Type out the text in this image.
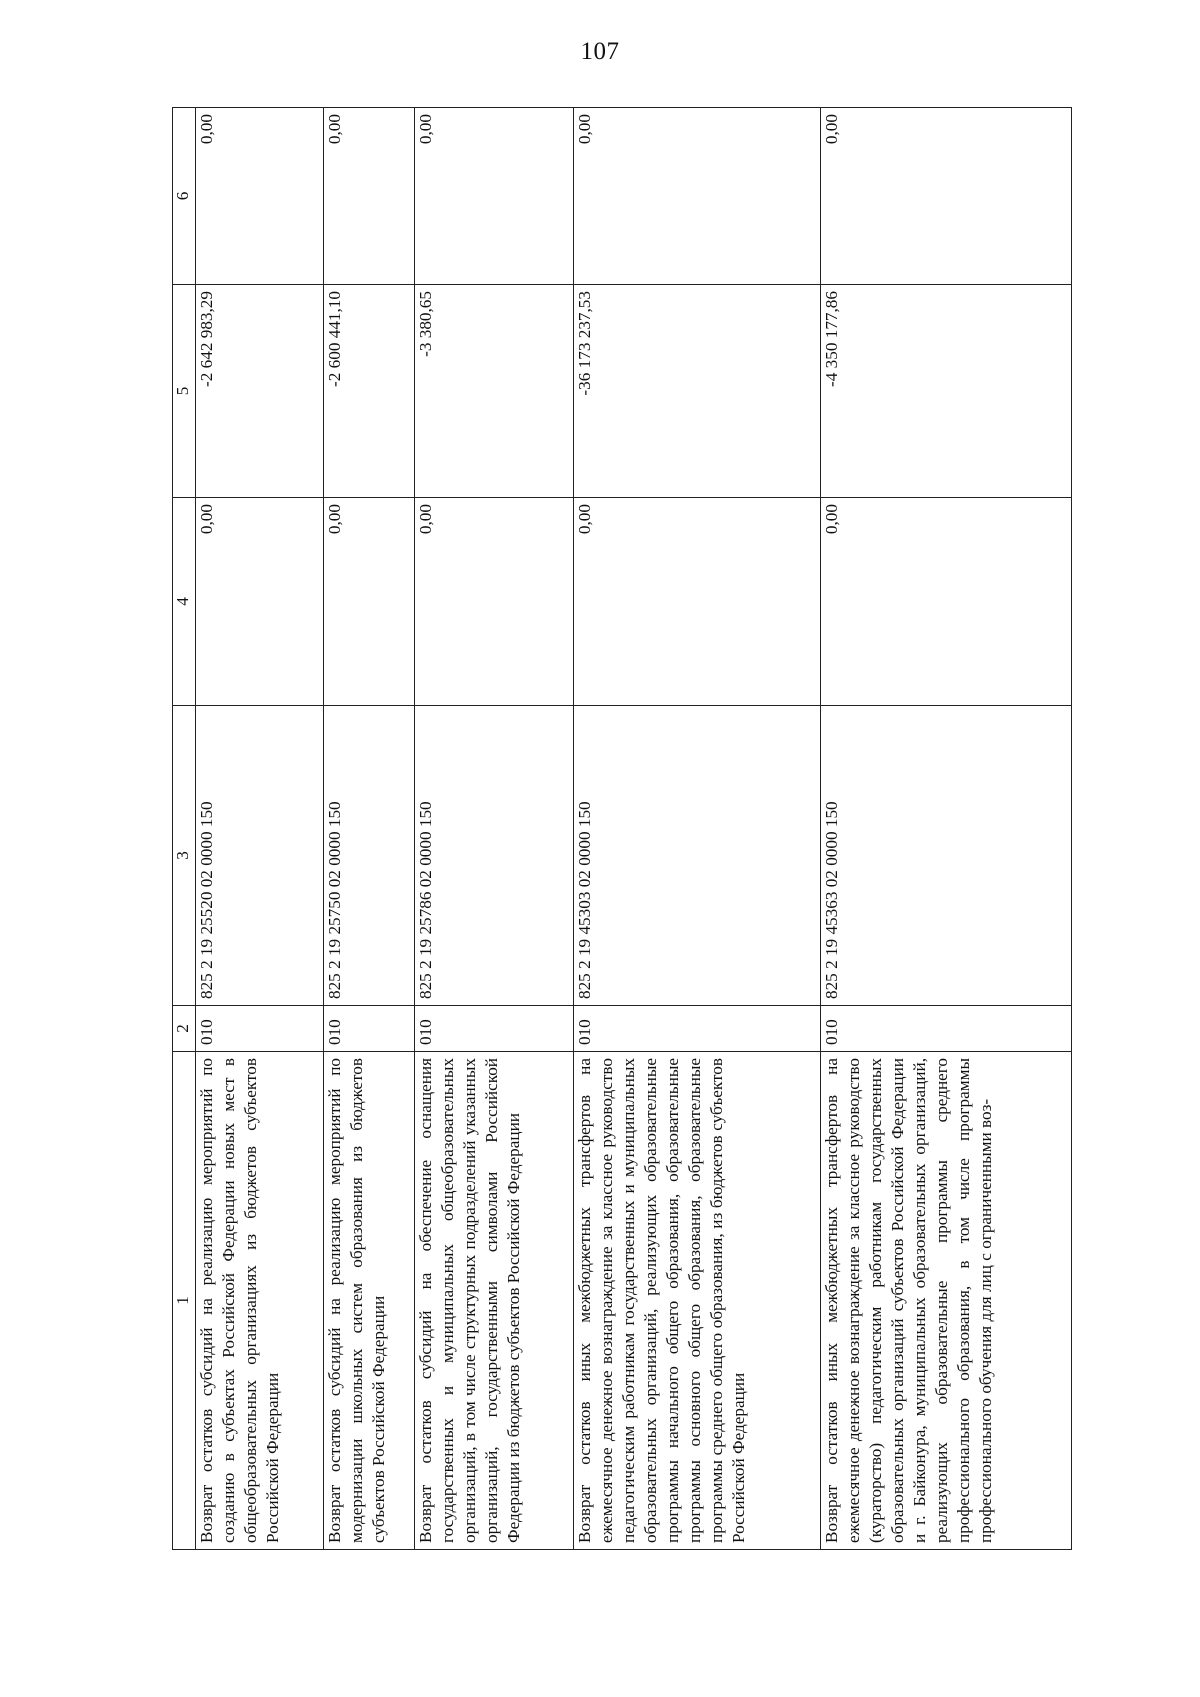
107
1	2	3	4	5	6
Возврат остатков субсидий на реализацию мероприятий по созданию в субъектах Российской Федерации новых мест в общеобразовательных организациях из бюджетов субъектов Российской Федерации	010	825 2 19 25520 02 0000 150	0,00	-2 642 983,29	0,00
Возврат остатков субсидий на реализацию мероприятий по модернизации школьных систем образования из бюджетов субъектов Российской Федерации	010	825 2 19 25750 02 0000 150	0,00	-2 600 441,10	0,00
Возврат остатков субсидий на обеспечение оснащения государственных и муниципальных общеобразовательных организаций, в том числе структурных подразделений указанных организаций, государственными символами Российской Федерации из бюджетов субъектов Российской Федерации	010	825 2 19 25786 02 0000 150	0,00	-3 380,65	0,00
Возврат остатков иных межбюджетных трансфертов на ежемесячное денежное вознаграждение за классное руководство педагогическим работникам государственных и муниципальных образовательных организаций, реализующих образовательные программы начального общего образования, образовательные программы основного общего образования, образовательные программы среднего общего образования, из бюджетов субъектов Российской Федерации	010	825 2 19 45303 02 0000 150	0,00	-36 173 237,53	0,00
Возврат остатков иных межбюджетных трансфертов на ежемесячное денежное вознаграждение за классное руководство (кураторство) педагогическим работникам государственных образовательных организаций субъектов Российской Федерации и г. Байконура, муниципальных образовательных организаций, реализующих образовательные программы среднего профессионального образования, в том числе программы профессионального обучения для лиц с ограниченными воз-	010	825 2 19 45363 02 0000 150	0,00	-4 350 177,86	0,00
